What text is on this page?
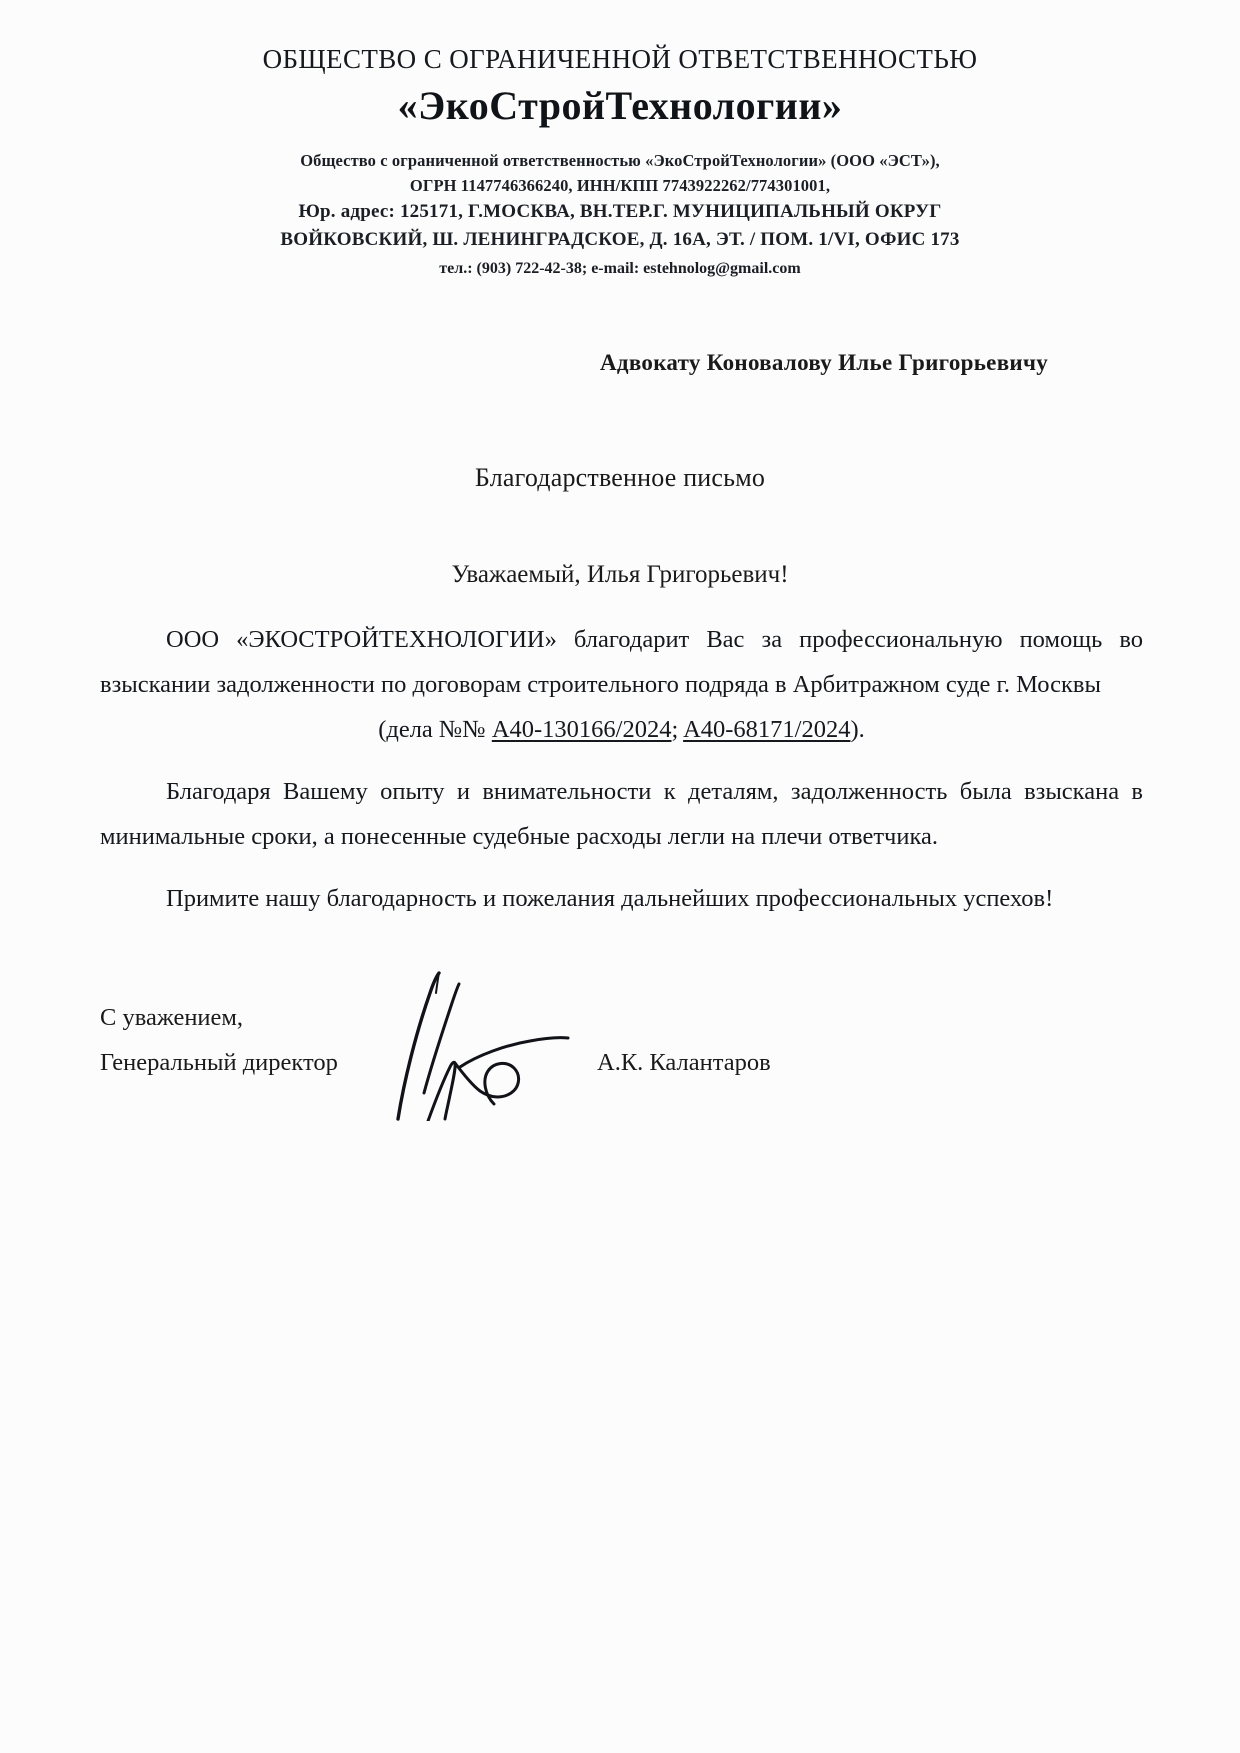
ОБЩЕСТВО С ОГРАНИЧЕННОЙ ОТВЕТСТВЕННОСТЬЮ
«ЭкоСтройТехнологии»
Общество с ограниченной ответственностью «ЭкоСтройТехнологии» (ООО «ЭСТ»),
ОГРН 1147746366240, ИНН/КПП 7743922262/774301001,
Юр. адрес: 125171, Г.МОСКВА, ВН.ТЕР.Г. МУНИЦИПАЛЬНЫЙ ОКРУГ
ВОЙКОВСКИЙ, Ш. ЛЕНИНГРАДСКОЕ, Д. 16А, ЭТ. / ПОМ. 1/VI, ОФИС 173
тел.: (903) 722-42-38; e-mail: estehnolog@gmail.com
Адвокату Коновалову Илье Григорьевичу
Благодарственное письмо
Уважаемый, Илья Григорьевич!

ООО «ЭКОСТРОЙТЕХНОЛОГИИ» благодарит Вас за профессиональную помощь во взыскании задолженности по договорам строительного подряда в Арбитражном суде г. Москвы

(дела №№ A40-130166/2024; A40-68171/2024).

Благодаря Вашему опыту и внимательности к деталям, задолженность была взыскана в минимальные сроки, а понесенные судебные расходы легли на плечи ответчика.

Примите нашу благодарность и пожелания дальнейших профессиональных успехов!

С уважением,
Генеральный директор	А.К. Калантаров
